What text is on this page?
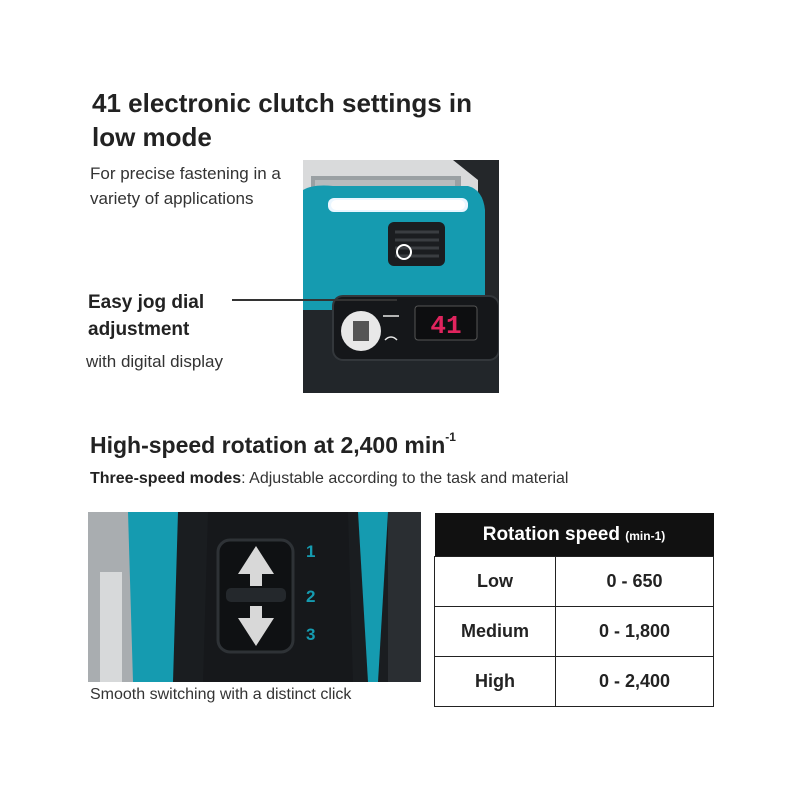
41 electronic clutch settings in low mode
For precise fastening in a variety of applications
41
Easy jog dial adjustment
with digital display
High-speed rotation at 2,400 $\min^{-1}$
Three-speed modes: Adjustable according to the task and material
1
2
3
Smooth switching with a distinct click
Rotation speed (min-1)	
Low	0 - 650
Medium	0 - 1,800
High	0 - 2,400
